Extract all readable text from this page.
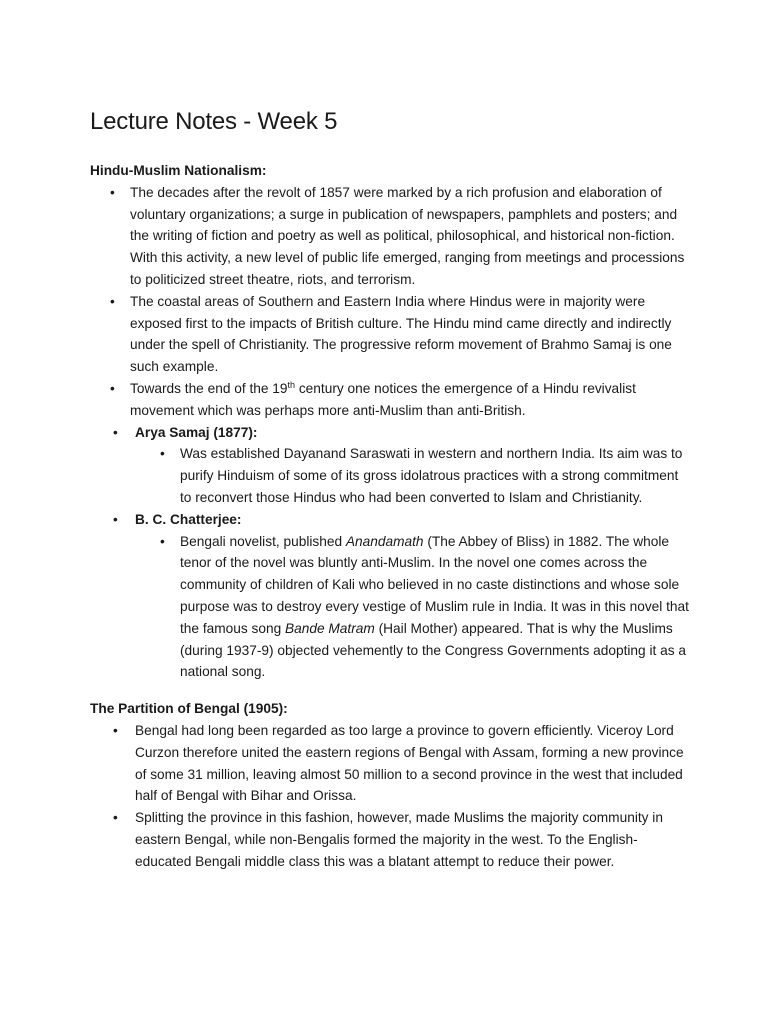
Lecture Notes - Week 5

Hindu-Muslim Nationalism:

• The decades after the revolt of 1857 were marked by a rich profusion and elaboration of voluntary organizations; a surge in publication of newspapers, pamphlets and posters; and the writing of fiction and poetry as well as political, philosophical, and historical non-fiction. With this activity, a new level of public life emerged, ranging from meetings and processions to politicized street theatre, riots, and terrorism.
• The coastal areas of Southern and Eastern India where Hindus were in majority were exposed first to the impacts of British culture. The Hindu mind came directly and indirectly under the spell of Christianity. The progressive reform movement of Brahmo Samaj is one such example.
• Towards the end of the 19th century one notices the emergence of a Hindu revivalist movement which was perhaps more anti-Muslim than anti-British.
• Arya Samaj (1877):
• Was established Dayanand Saraswati in western and northern India. Its aim was to purify Hinduism of some of its gross idolatrous practices with a strong commitment to reconvert those Hindus who had been converted to Islam and Christianity.
• B. C. Chatterjee:
• Bengali novelist, published Anandamath (The Abbey of Bliss) in 1882. The whole tenor of the novel was bluntly anti-Muslim. In the novel one comes across the community of children of Kali who believed in no caste distinctions and whose sole purpose was to destroy every vestige of Muslim rule in India. It was in this novel that the famous song Bande Matram (Hail Mother) appeared. That is why the Muslims (during 1937-9) objected vehemently to the Congress Governments adopting it as a national song.

The Partition of Bengal (1905):

• Bengal had long been regarded as too large a province to govern efficiently. Viceroy Lord Curzon therefore united the eastern regions of Bengal with Assam, forming a new province of some 31 million, leaving almost 50 million to a second province in the west that included half of Bengal with Bihar and Orissa.
• Splitting the province in this fashion, however, made Muslims the majority community in eastern Bengal, while non-Bengalis formed the majority in the west. To the English-educated Bengali middle class this was a blatant attempt to reduce their power.
